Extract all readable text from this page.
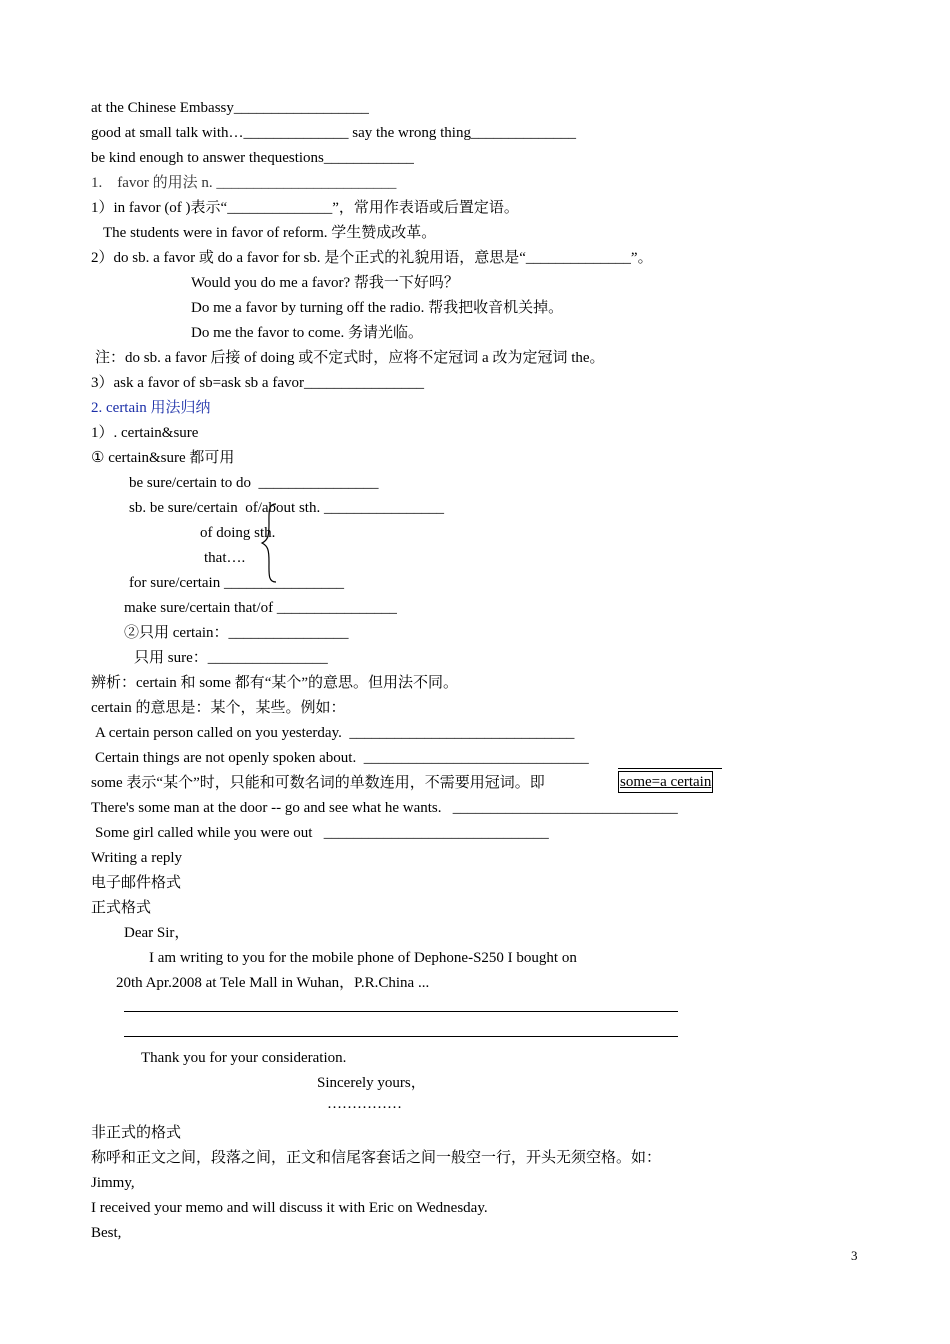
at the Chinese Embassy__________________
good at small talk with…______________ say the wrong thing______________
be kind enough to answer thequestions____________
1.    favor 的用法 n. ________________________
1）in favor (of )表示“______________”，常用作表语或后置定语。
The students were in favor of reform. 学生赞成改革。
2）do sb. a favor 或 do a favor for sb. 是个正式的礼貌用语，意思是“______________”。
Would you do me a favor? 帮我一下好吗？
Do me a favor by turning off the radio. 帮我把收音机关掉。
Do me the favor to come. 务请光临。
注：do sb. a favor 后接 of doing 或不定式时，应将不定冠词 a 改为定冠词 the。
3）ask a favor of sb=ask sb a favor________________
2. certain 用法归纳
1）. certain&sure
① certain&sure 都可用
be sure/certain to do  ________________
sb. be sure/certain  of/about sth. ________________
of doing sth.
that….
for sure/certain ________________
make sure/certain that/of ________________
②只用 certain：________________
只用 sure：________________
辨析：certain 和 some 都有“某个”的意思。但用法不同。
certain 的意思是：某个，某些。例如：
A certain person called on you yesterday.  ______________________________
Certain things are not openly spoken about.  ______________________________
some 表示“某个”时，只能和可数名词的单数连用，不需要用冠词。即	some=a certain
There's some man at the door -- go and see what he wants.   ______________________________
Some girl called while you were out   ______________________________
Writing a reply
电子邮件格式
正式格式
Dear Sir，
I am writing to you for the mobile phone of Dephone-S250 I bought on
20th Apr.2008 at Tele Mall in Wuhan，P.R.China ...
Thank you for your consideration.
Sincerely yours，
……………
非正式的格式
称呼和正文之间，段落之间，正文和信尾客套话之间一般空一行，开头无须空格。如：
Jimmy,
I received your memo and will discuss it with Eric on Wednesday.
Best,
3
